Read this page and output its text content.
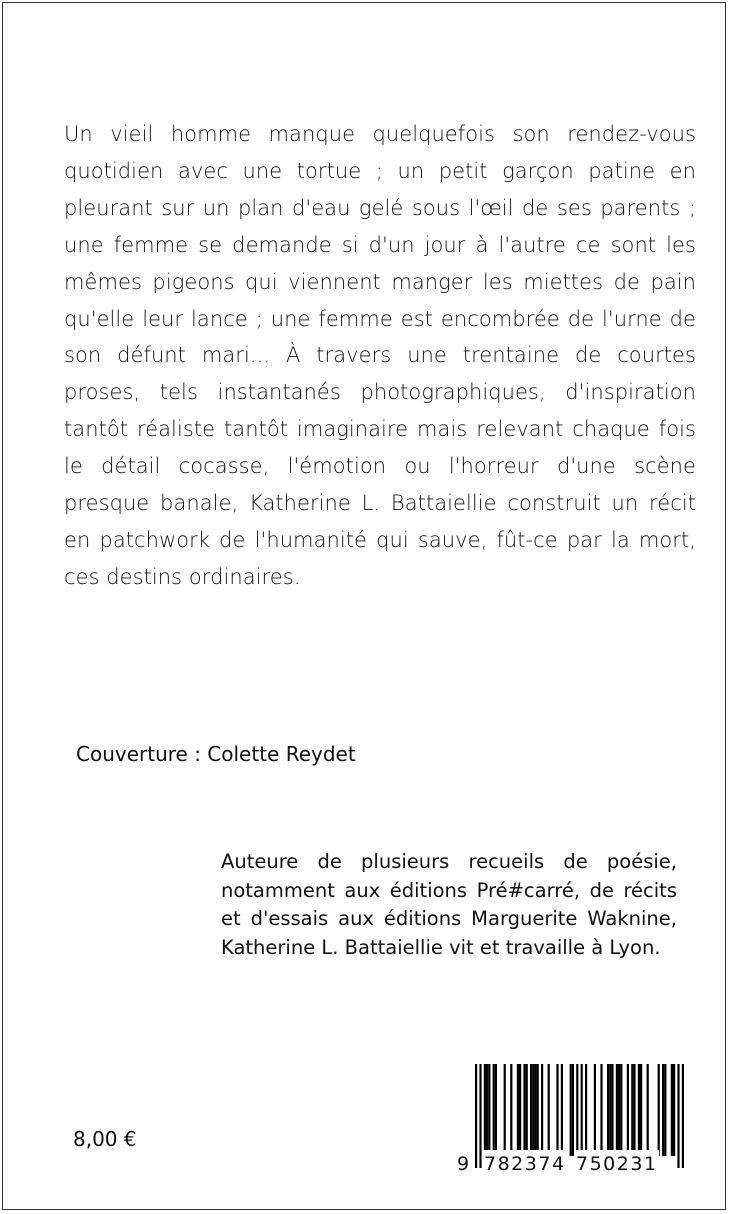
Un vieil homme manque quelquefois son rendez-vous quotidien avec une tortue ; un petit garçon patine en pleurant sur un plan d'eau gelé sous l'œil de ses parents ; une femme se demande si d'un jour à l'autre ce sont les mêmes pigeons qui viennent manger les miettes de pain qu'elle leur lance ; une femme est encombrée de l'urne de son défunt mari... À travers une trentaine de courtes proses, tels instantanés photographiques, d'inspiration tantôt réaliste tantôt imaginaire mais relevant chaque fois le détail cocasse, l'émotion ou l'horreur d'une scène presque banale, Katherine L. Battaiellie construit un récit en patchwork de l'humanité qui sauve, fût-ce par la mort, ces destins ordinaires.

Couverture : Colette Reydet

Auteure de plusieurs recueils de poésie, notamment aux éditions Pré#carré, de récits et d'essais aux éditions Marguerite Waknine, Katherine L. Battaiellie vit et travaille à Lyon.

8,00 €

9 782374 750231
